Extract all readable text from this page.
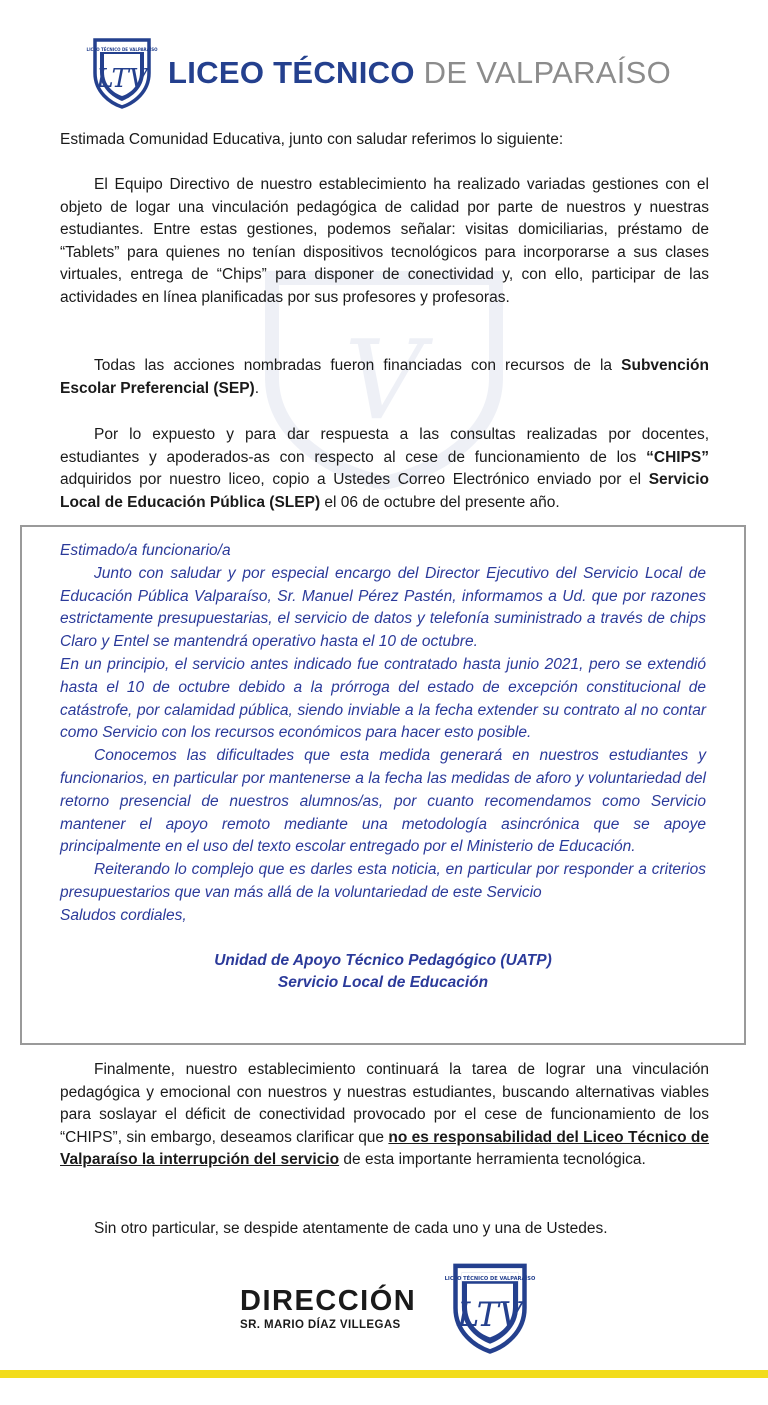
V
LICEO TÉCNICO DE VALPARAÍSO
LTV LICEO TÉCNICO DE VALPARAÍSO

Estimada Comunidad Educativa, junto con saludar referimos lo siguiente:

El Equipo Directivo de nuestro establecimiento ha realizado variadas gestiones con el objeto de logar una vinculación pedagógica de calidad por parte de nuestros y nuestras estudiantes. Entre estas gestiones, podemos señalar: visitas domiciliarias, préstamo de “Tablets” para quienes no tenían dispositivos tecnológicos para incorporarse a sus clases virtuales, entrega de “Chips” para disponer de conectividad y, con ello, participar de las actividades en línea planificadas por sus profesores y profesoras.

Todas las acciones nombradas fueron financiadas con recursos de la Subvención Escolar Preferencial (SEP).

Por lo expuesto y para dar respuesta a las consultas realizadas por docentes, estudiantes y apoderados-as con respecto al cese de funcionamiento de los “CHIPS” adquiridos por nuestro liceo, copio a Ustedes Correo Electrónico enviado por el Servicio Local de Educación Pública (SLEP) el 06 de octubre del presente año.

Estimado/a funcionario/a

Junto con saludar y por especial encargo del Director Ejecutivo del Servicio Local de Educación Pública Valparaíso, Sr. Manuel Pérez Pastén, informamos a Ud. que por razones estrictamente presupuestarias, el servicio de datos y telefonía suministrado a través de chips Claro y Entel se mantendrá operativo hasta el 10 de octubre.

En un principio, el servicio antes indicado fue contratado hasta junio 2021, pero se extendió hasta el 10 de octubre debido a la prórroga del estado de excepción constitucional de catástrofe, por calamidad pública, siendo inviable a la fecha extender su contrato al no contar como Servicio con los recursos económicos para hacer esto posible.

Conocemos las dificultades que esta medida generará en nuestros estudiantes y funcionarios, en particular por mantenerse a la fecha las medidas de aforo y voluntariedad del retorno presencial de nuestros alumnos/as, por cuanto recomendamos como Servicio mantener el apoyo remoto mediante una metodología asincrónica que se apoye principalmente en el uso del texto escolar entregado por el Ministerio de Educación.

Reiterando lo complejo que es darles esta noticia, en particular por responder a criterios presupuestarios que van más allá de la voluntariedad de este Servicio

Saludos cordiales,

Unidad de Apoyo Técnico Pedagógico (UATP)

Servicio Local de Educación

Finalmente, nuestro establecimiento continuará la tarea de lograr una vinculación pedagógica y emocional con nuestros y nuestras estudiantes, buscando alternativas viables para soslayar el déficit de conectividad provocado por el cese de funcionamiento de los “CHIPS”, sin embargo, deseamos clarificar que no es responsabilidad del Liceo Técnico de Valparaíso la interrupción del servicio de esta importante herramienta tecnológica.

Sin otro particular, se despide atentamente de cada uno y una de Ustedes.

DIRECCIÓN
SR. MARIO DÍAZ VILLEGAS
LICEO TÉCNICO DE VALPARAÍSO
LTV
